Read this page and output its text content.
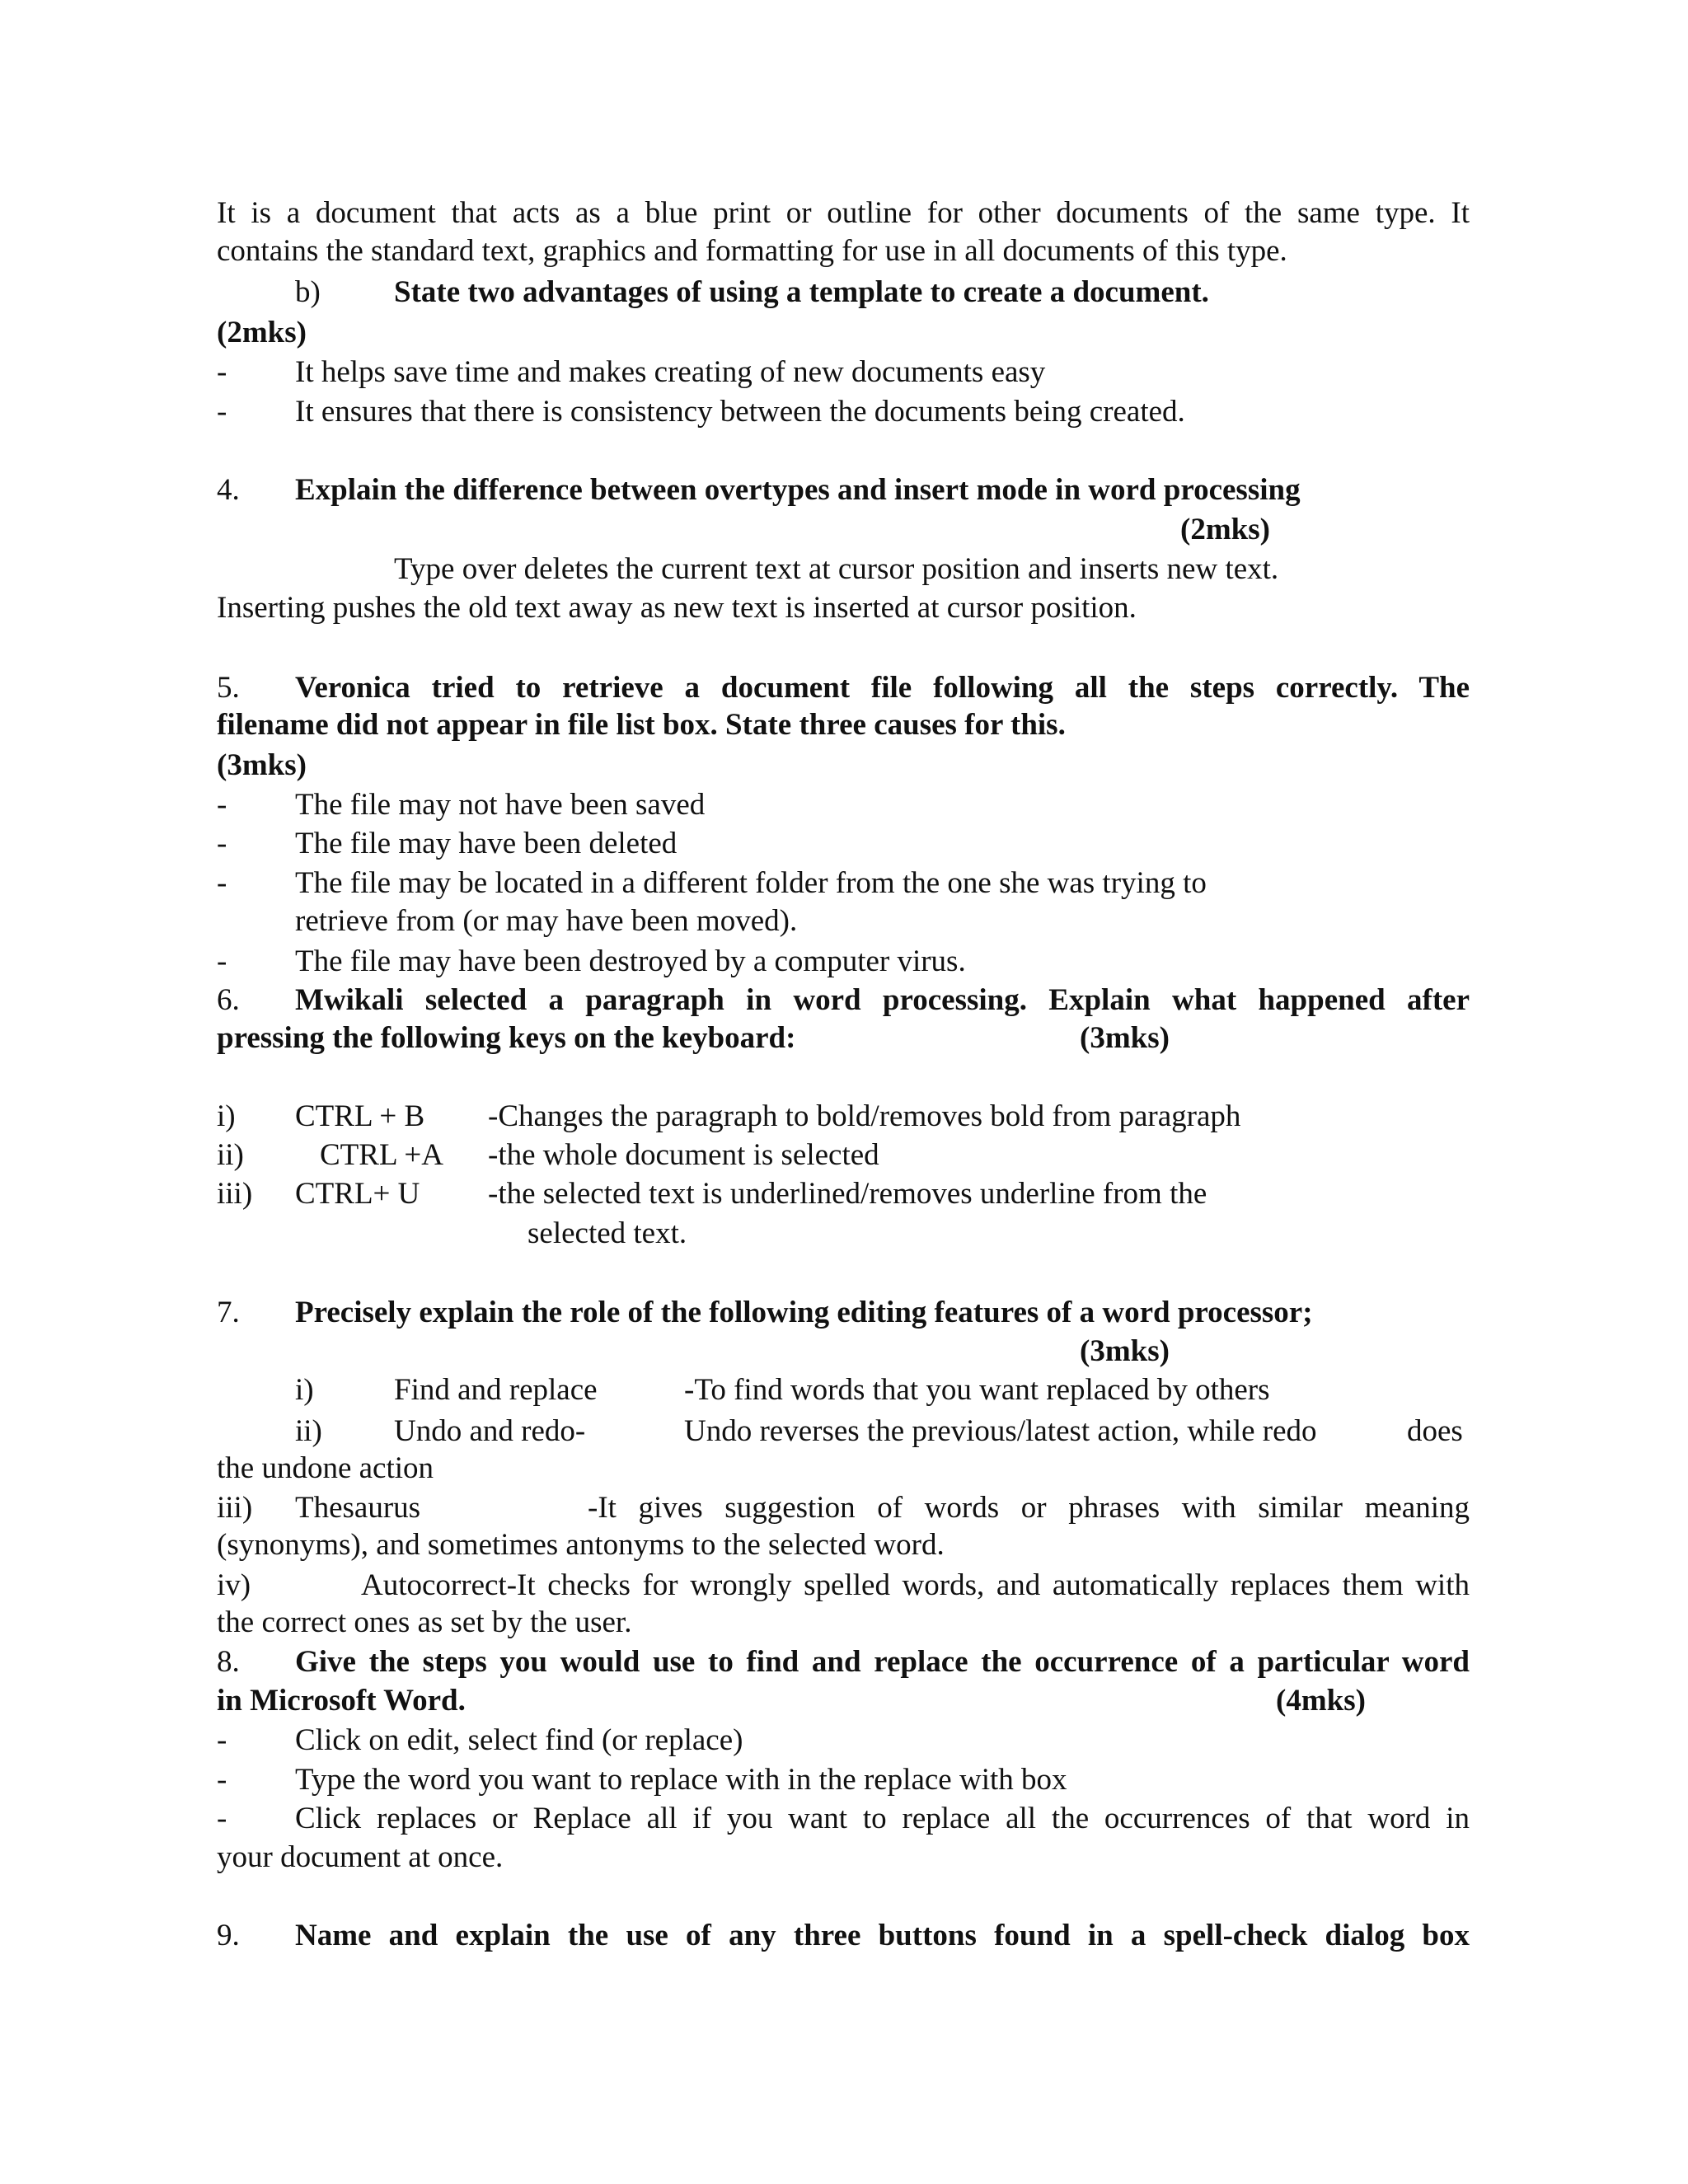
It is a document that acts as a blue print or outline for other documents of the same type. It
contains the standard text, graphics and formatting for use in all documents of this type.
b) State two advantages of using a template to create a document.
(2mks)
- It helps save time and makes creating of new documents easy
- It ensures that there is consistency between the documents being created.
4. Explain the difference between overtypes and insert mode in word processing
(2mks)
Type over deletes the current text at cursor position and inserts new text.
Inserting pushes the old text away as new text is inserted at cursor position.
5. Veronica tried to retrieve a document file following all the steps correctly. The
filename did not appear in file list box. State three causes for this.
(3mks)
- The file may not have been saved
- The file may have been deleted
- The file may be located in a different folder from the one she was trying to
retrieve from (or may have been moved).
- The file may have been destroyed by a computer virus.
6. Mwikali selected a paragraph in word processing. Explain what happened after
pressing the following keys on the keyboard:	(3mks)
i) CTRL + B -Changes the paragraph to bold/removes bold from paragraph
ii) CTRL +A -the whole document is selected
iii) CTRL+ U -the selected text is underlined/removes underline from the
selected text.
7. Precisely explain the role of the following editing features of a word processor;
(3mks)
i)	Find and replace	-To find words that you want replaced by others
ii) Undo and redo-	Undo reverses the previous/latest action, while redo	does
the undone action
iii) Thesaurus	-It gives suggestion of words or phrases with similar meaning
(synonyms), and sometimes antonyms to the selected word.
iv)	Autocorrect-It checks for wrongly spelled words, and automatically replaces them with
the correct ones as set by the user.
8. Give the steps you would use to find and replace the occurrence of a particular word
in Microsoft Word.	(4mks)
- Click on edit, select find (or replace)
- Type the word you want to replace with in the replace with box
- Click replaces or Replace all if you want to replace all the occurrences of that word in
your document at once.
9. Name and explain the use of any three buttons found in a spell-check dialog box
